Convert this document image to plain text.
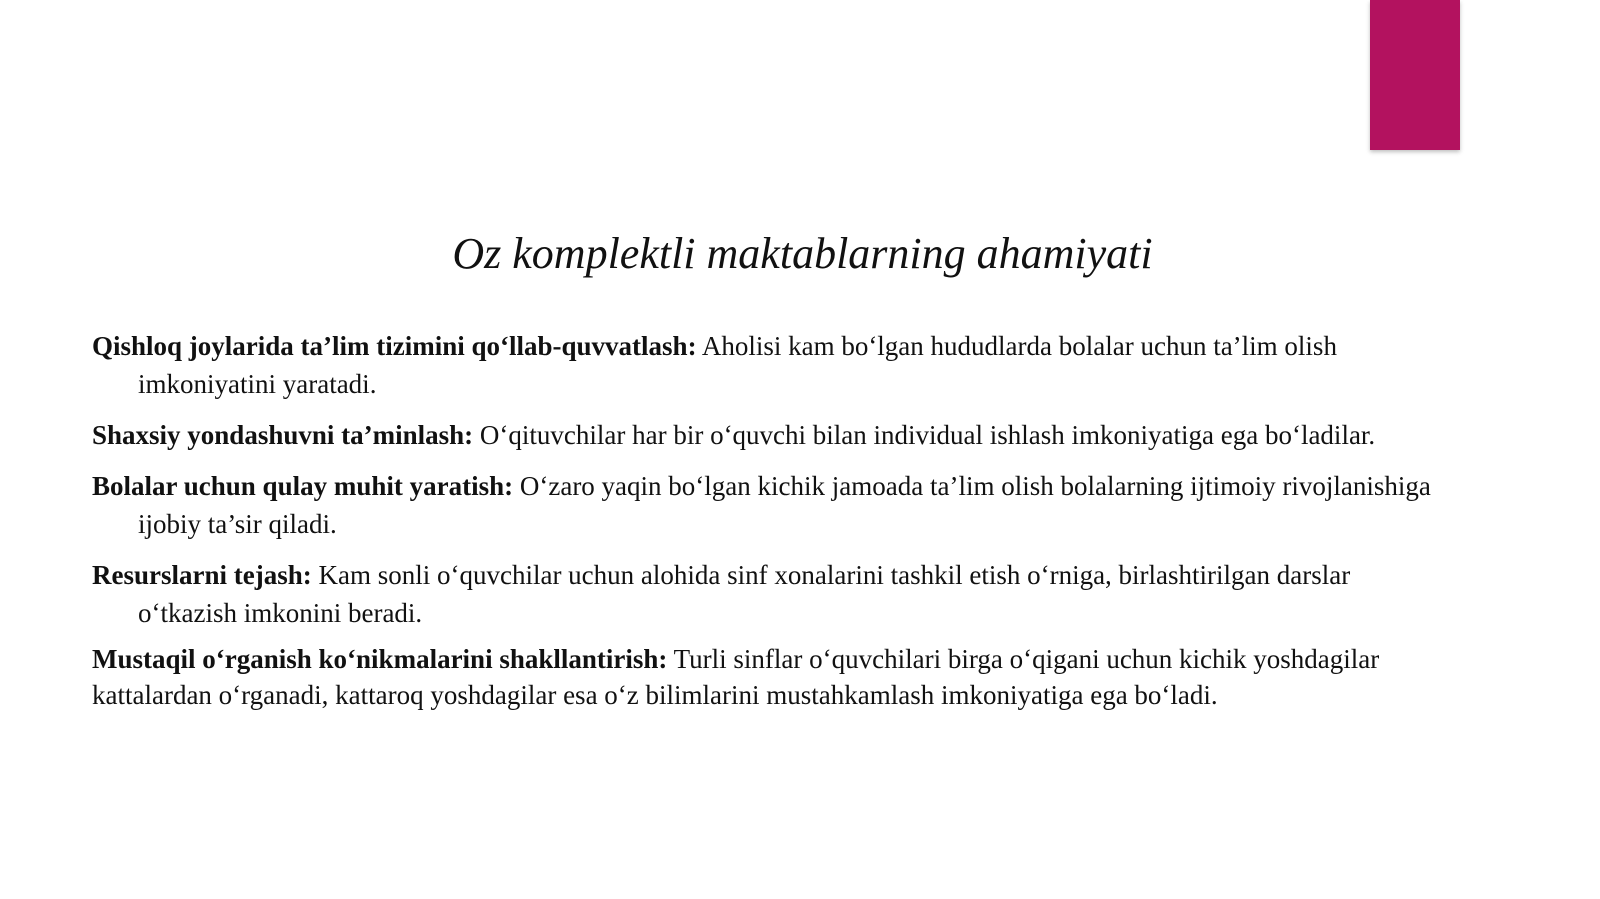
Oz komplektli maktablarning ahamiyati

Qishloq joylarida ta’lim tizimini qo‘llab-quvvatlash: Aholisi kam bo‘lgan hududlarda bolalar uchun ta’lim olish imkoniyatini yaratadi.

Shaxsiy yondashuvni ta’minlash: O‘qituvchilar har bir o‘quvchi bilan individual ishlash imkoniyatiga ega bo‘ladilar.

Bolalar uchun qulay muhit yaratish: O‘zaro yaqin bo‘lgan kichik jamoada ta’lim olish bolalarning ijtimoiy rivojlanishiga ijobiy ta’sir qiladi.

Resurslarni tejash: Kam sonli o‘quvchilar uchun alohida sinf xonalarini tashkil etish o‘rniga, birlashtirilgan darslar o‘tkazish imkonini beradi.

Mustaqil o‘rganish ko‘nikmalarini shakllantirish: Turli sinflar o‘quvchilari birga o‘qigani uchun kichik yoshdagilar kattalardan o‘rganadi, kattaroq yoshdagilar esa o‘z bilimlarini mustahkamlash imkoniyatiga ega bo‘ladi.
